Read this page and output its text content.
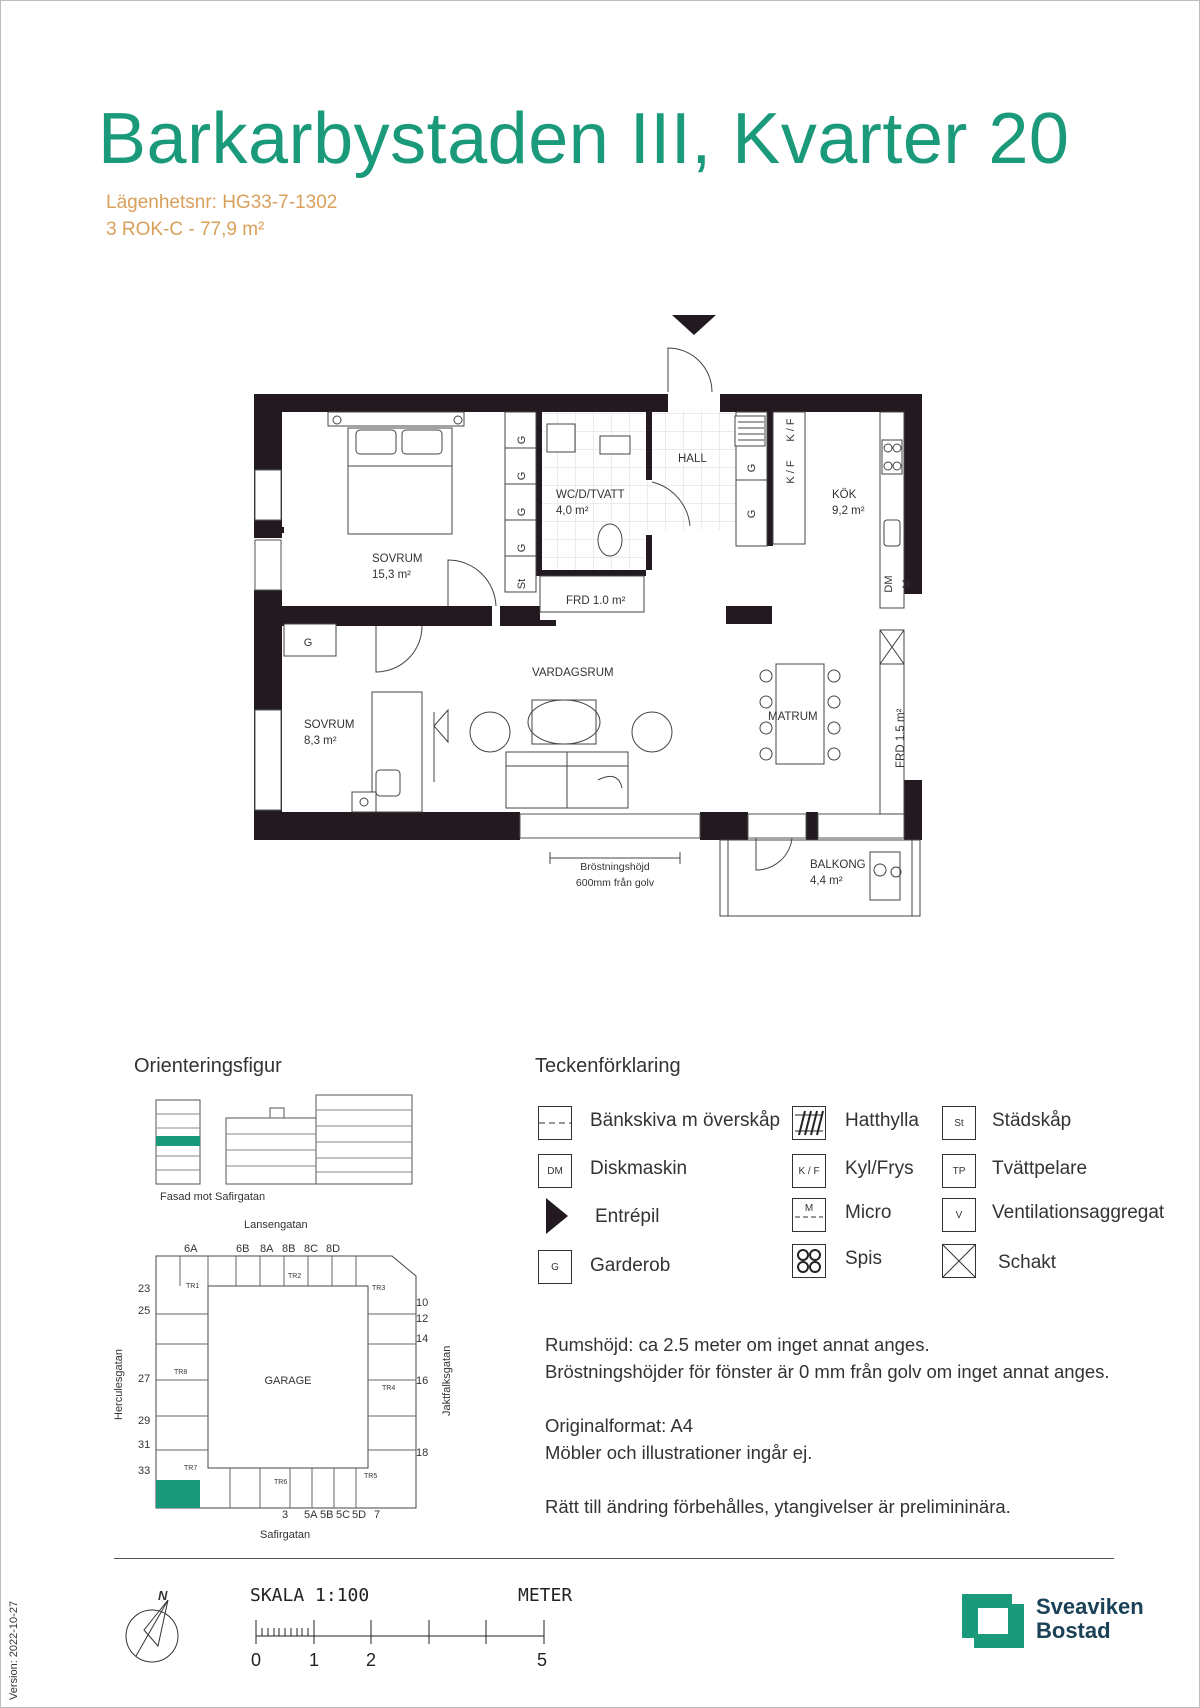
Barkarbystaden III, Kvarter 20
Lägenhetsnr: HG33-7-1302
3 ROK-C - 77,9 m²
G
G
G
G
St
G
G
K / F
K / F
DM M
G
SOVRUM
15,3 m²
WC/D/TVATT
4,0 m²
HALL
KÖK
9,2 m²
SOVRUM
8,3 m²
VARDAGSRUM
MATRUM
BALKONG
4,4 m²
FRD 1.0 m²
FRD 1.5 m²
Bröstningshöjd
600mm från golv
Orienteringsfigur
Fasad mot Safirgatan
Lansengatan
GARAGE
TR1
TR2
TR3
TR4
TR5
TR6
TR7
TR8
6A	6B 8A 8B 8C 8D
23
25
27
29
31
33
10
12
14
16
18
3 5A 5B 5C 5D 7
Safirgatan
Herculesgatan	Jaktfalksgatan
Teckenförklaring
Bänkskiva m överskåp	Hatthylla	St	Städskåp
DM	Diskmaskin	K / F	Kyl/Frys	TP	Tvättpelare
Entrépil	M Micro	V	Ventilationsaggregat
G	Garderob	Spis	Schakt
Rumshöjd: ca 2.5 meter om inget annat anges.
Bröstningshöjder för fönster är 0 mm från golv om inget annat anges.
Originalformat: A4
Möbler och illustrationer ingår ej.
Rätt till ändring förbehålles, ytangivelser är prelimininära.
N	SKALA 1:100	METER
0	1	2	5
Sveaviken
Bostad
Version: 2022-10-27
